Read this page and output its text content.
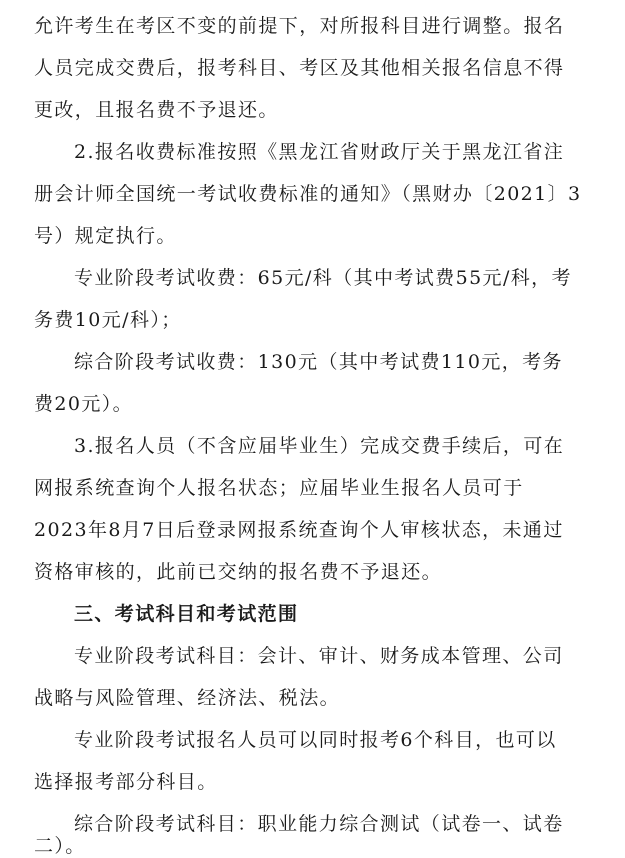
允许考生在考区不变的前提下，对所报科目进行调整。报名
人员完成交费后，报考科目、考区及其他相关报名信息不得
更改，且报名费不予退还。
2.报名收费标准按照《黑龙江省财政厅关于黑龙江省注
册会计师全国统一考试收费标准的通知》（黑财办〔2021〕3
号）规定执行。
专业阶段考试收费：65元/科（其中考试费55元/科，考
务费10元/科）；
综合阶段考试收费：130元（其中考试费110元，考务
费20元）。
3.报名人员（不含应届毕业生）完成交费手续后，可在
网报系统查询个人报名状态；应届毕业生报名人员可于
2023年8月7日后登录网报系统查询个人审核状态，未通过
资格审核的，此前已交纳的报名费不予退还。
三、考试科目和考试范围
专业阶段考试科目：会计、审计、财务成本管理、公司
战略与风险管理、经济法、税法。
专业阶段考试报名人员可以同时报考6个科目，也可以
选择报考部分科目。
综合阶段考试科目：职业能力综合测试（试卷一、试卷
二）。
